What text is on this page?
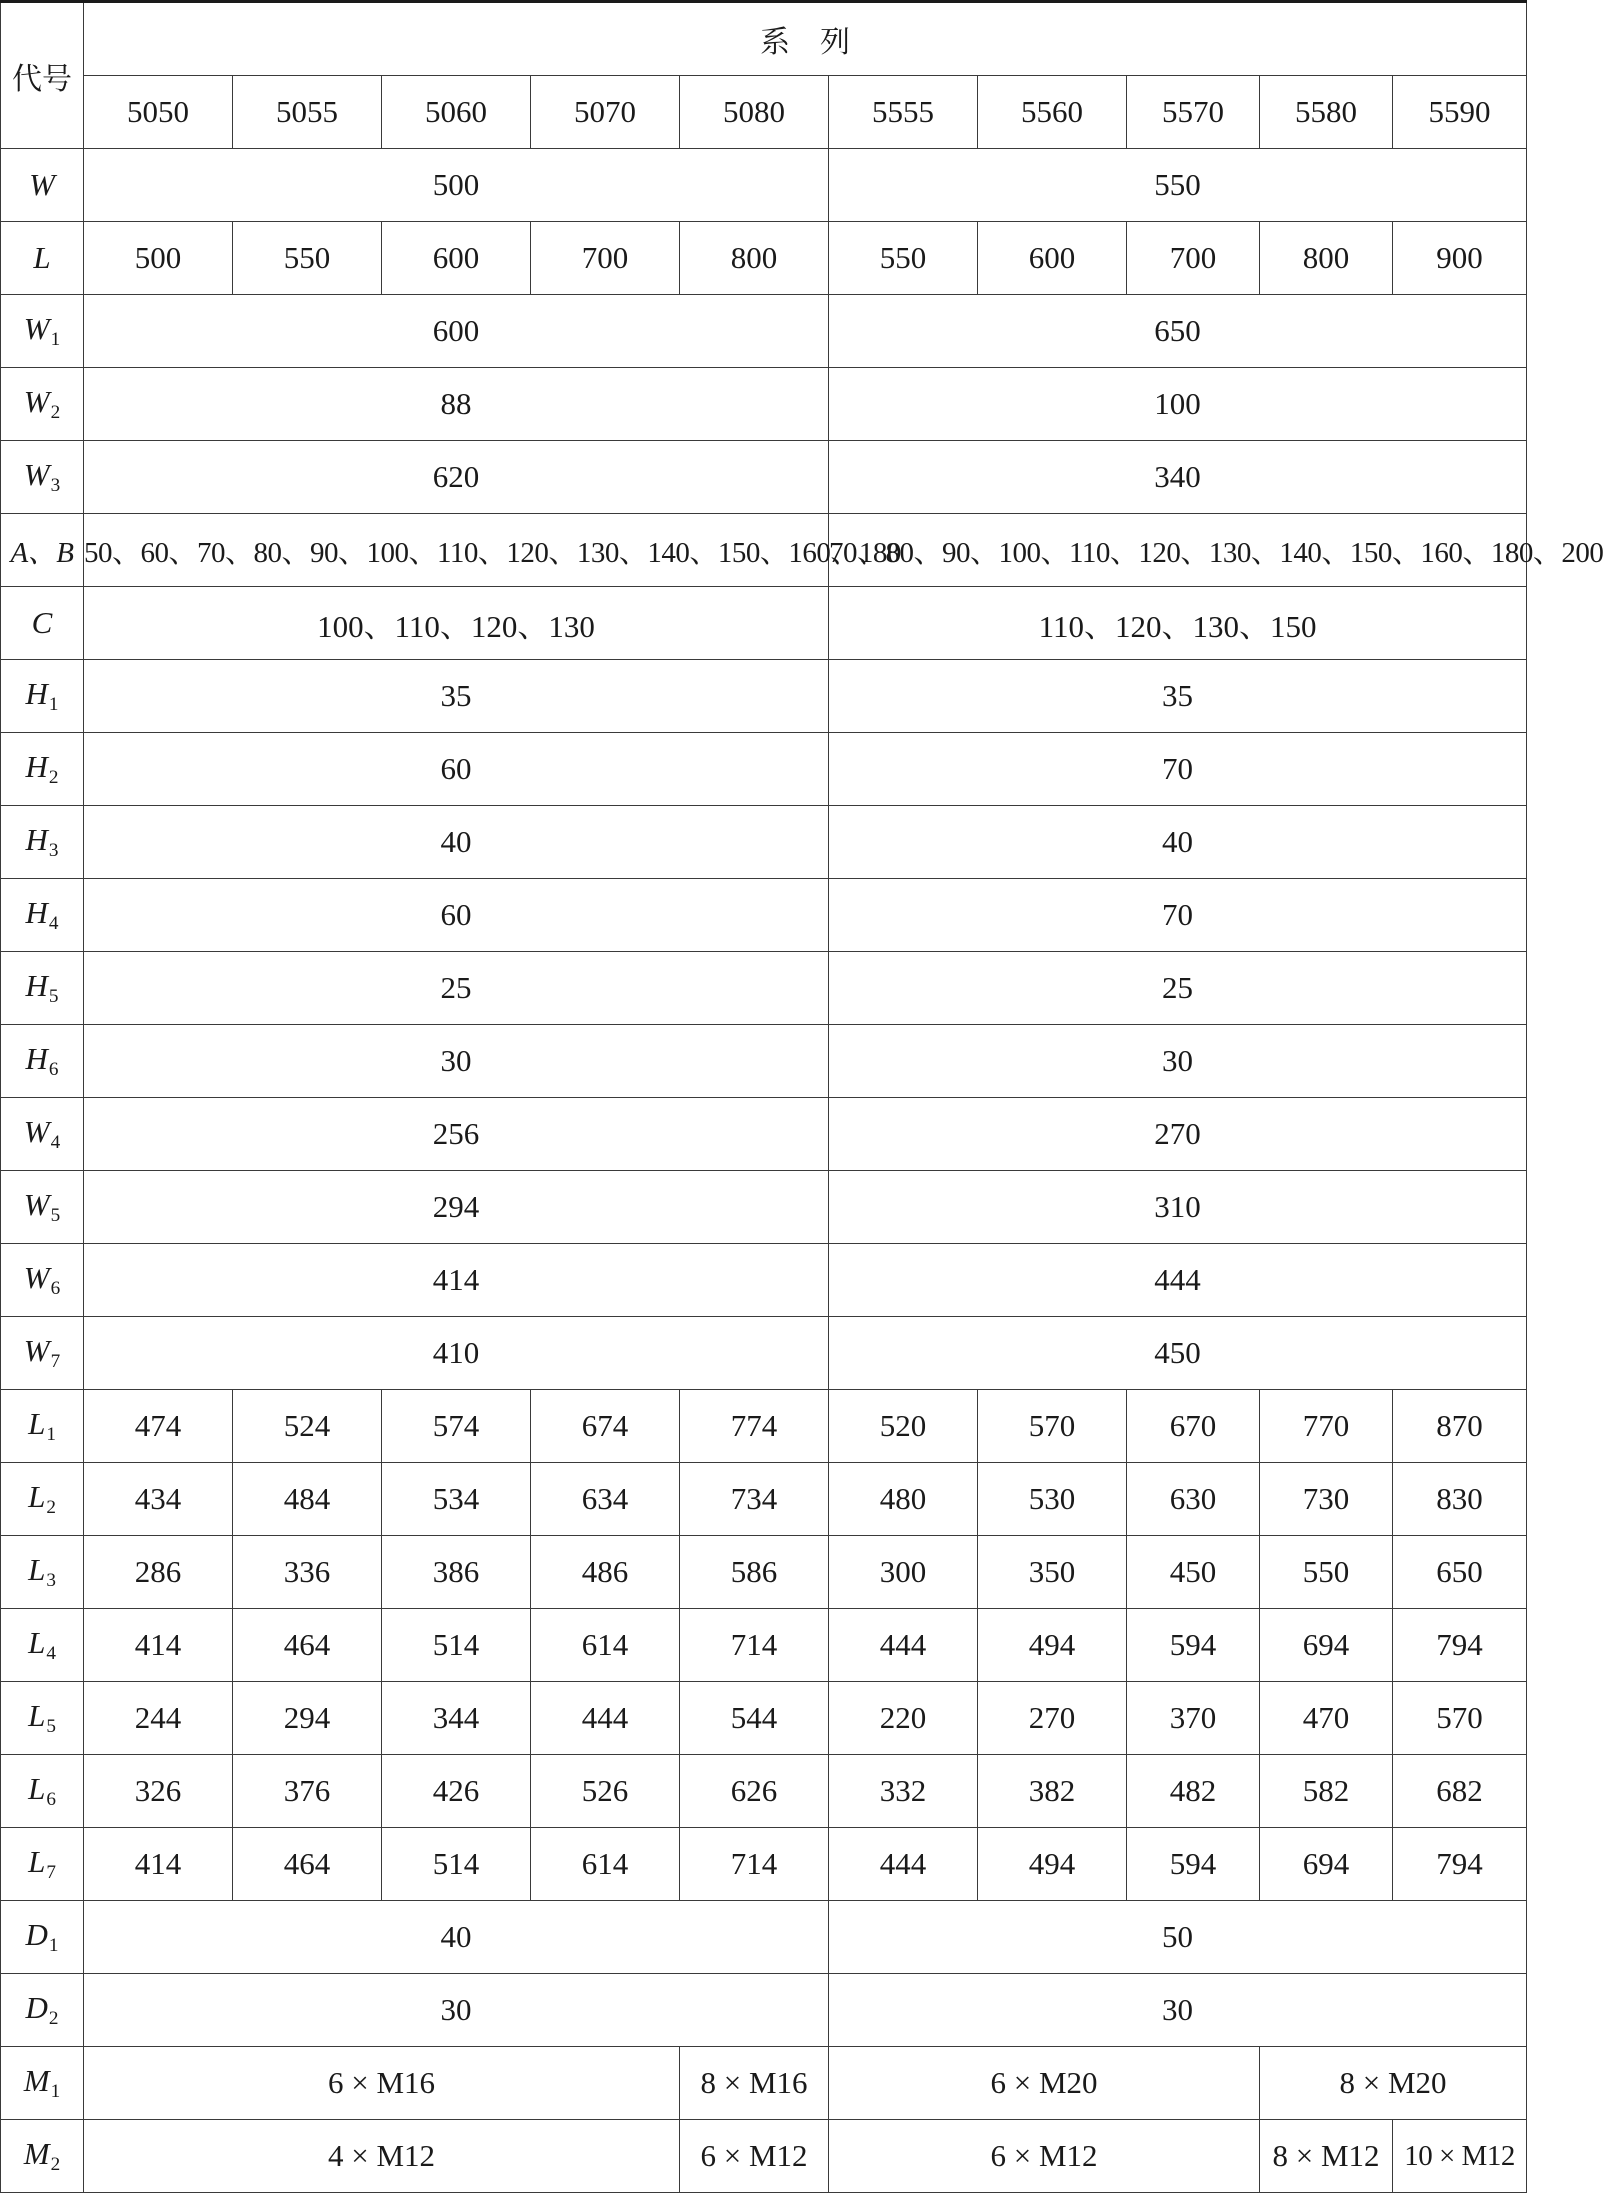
代号	系　列									
	5050	5055	5060	5070	5080	5555	5560	5570	5580	5590
W	500					550				
L	500	550	600	700	800	550	600	700	800	900
$W_1$	600					650				
$W_2$	88					100				
$W_3$	620					340				
A、B	50、60、70、80、90、100、110、120、130、140、150、160、180					70、80、90、100、110、120、130、140、150、160、180、200				
C	100、110、120、130					110、120、130、150				
$H_1$	35					35				
$H_2$	60					70				
$H_3$	40					40				
$H_4$	60					70				
$H_5$	25					25				
$H_6$	30					30				
$W_4$	256					270				
$W_5$	294					310				
$W_6$	414					444				
$W_7$	410					450				
$L_1$	474	524	574	674	774	520	570	670	770	870
$L_2$	434	484	534	634	734	480	530	630	730	830
$L_3$	286	336	386	486	586	300	350	450	550	650
$L_4$	414	464	514	614	714	444	494	594	694	794
$L_5$	244	294	344	444	544	220	270	370	470	570
$L_6$	326	376	426	526	626	332	382	482	582	682
$L_7$	414	464	514	614	714	444	494	594	694	794
$D_1$	40					50				
$D_2$	30					30				
$M_1$	6 × M16				8 × M16	6 × M20			8 × M20	
$M_2$	4 × M12				6 × M12	6 × M12			8 × M12	10 × M12
